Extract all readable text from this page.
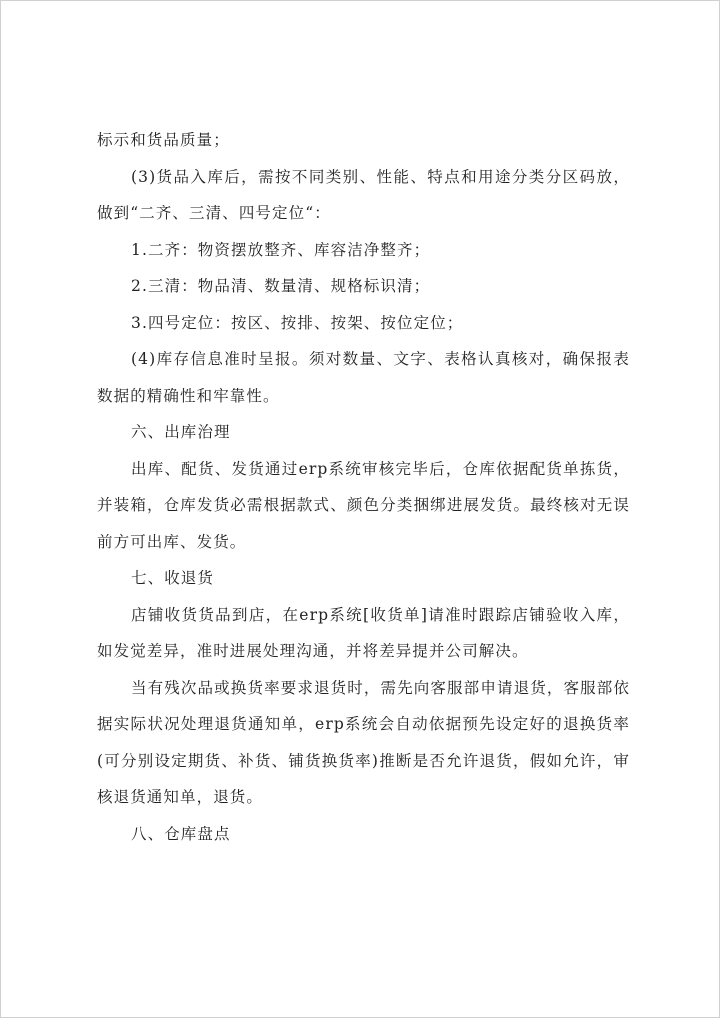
标示和货品质量；

(3)货品入库后，需按不同类别、性能、特点和用途分类分区码放，做到“二齐、三清、四号定位“：

1.二齐：物资摆放整齐、库容洁净整齐；

2.三清：物品清、数量清、规格标识清；

3.四号定位：按区、按排、按架、按位定位；

(4)库存信息准时呈报。须对数量、文字、表格认真核对，确保报表数据的精确性和牢靠性。

六、出库治理

出库、配货、发货通过erp系统审核完毕后，仓库依据配货单拣货，并装箱，仓库发货必需根据款式、颜色分类捆绑进展发货。最终核对无误前方可出库、发货。

七、收退货

店铺收货货品到店，在erp系统[收货单]请准时跟踪店铺验收入库，如发觉差异，准时进展处理沟通，并将差异提并公司解决。

当有残次品或换货率要求退货时，需先向客服部申请退货，客服部依据实际状况处理退货通知单，erp系统会自动依据预先设定好的退换货率(可分别设定期货、补货、铺货换货率)推断是否允许退货，假如允许，审核退货通知单，退货。

八、仓库盘点
